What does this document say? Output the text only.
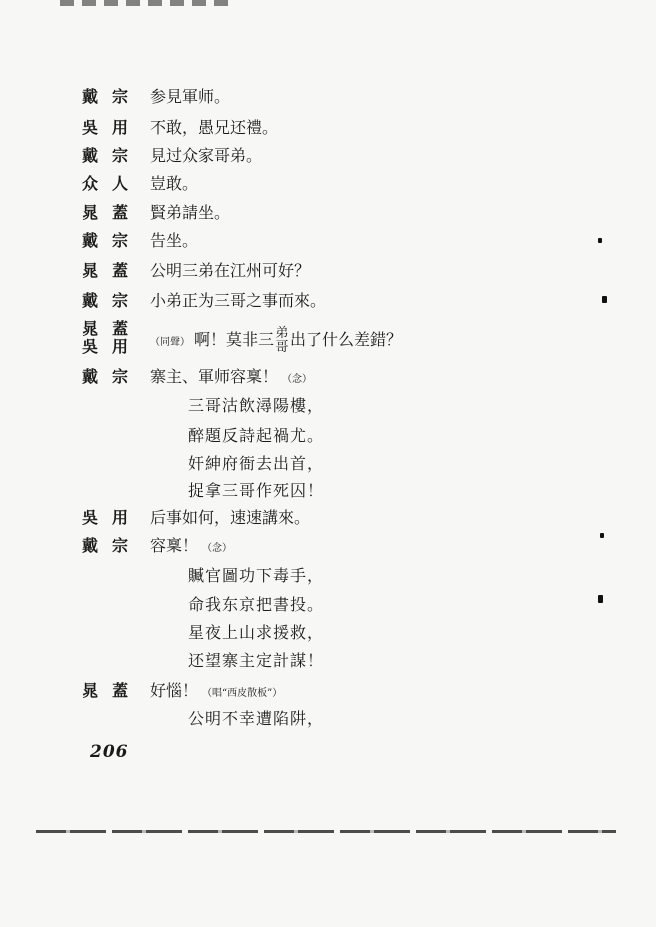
戴宗 参見軍师。
吳用 不敢，愚兄还禮。
戴宗 見过众家哥弟。
众人 豈敢。
晁蓋 賢弟請坐。
戴宗 告坐。
晁蓋 公明三弟在江州可好？
戴宗 小弟正为三哥之事而來。
晁蓋
吳用 （同聲） 啊！莫非三 弟
哥 出了什么差錯？
戴宗 寨主、軍师容稟！ （念）
三哥沽飲潯陽樓，
醉題反詩起禍尤。
奸紳府衙去出首，
捉拿三哥作死囚！
吳用 后事如何，速速講來。
戴宗 容稟！ （念）
贓官圖功下毒手，
命我东京把書投。
星夜上山求援救，
还望寨主定計謀！
晁蓋 好惱！ （唱“西皮散板”）
公明不幸遭陷阱，
206
